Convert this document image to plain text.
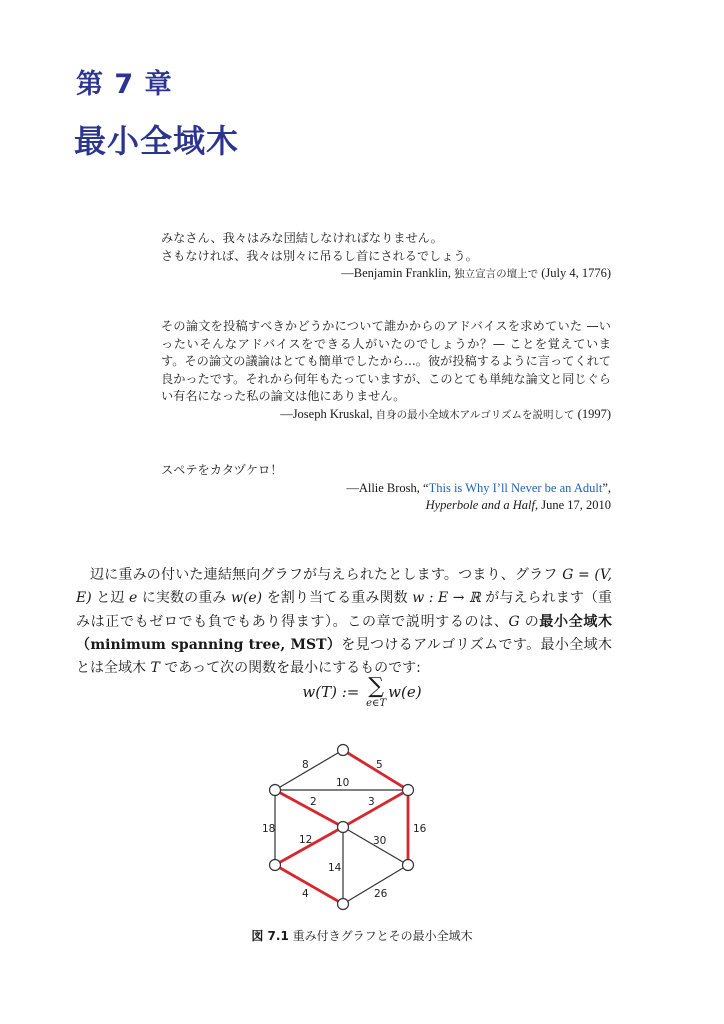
第 7 章
最小全域木

みなさん、我々はみな団結しなければなりません。

さもなければ、我々は別々に吊るし首にされるでしょう。

—Benjamin Franklin, 独立宣言の壇上で (July 4, 1776)

その論文を投稿すべきかどうかについて誰かからのアドバイスを求めていた —いったいそんなアドバイスをできる人がいたのでしょうか？— ことを覚えています。その論文の議論はとても簡単でしたから...。彼が投稿するように言ってくれて良かったです。それから何年もたっていますが、このとても単純な論文と同じぐらい有名になった私の論文は他にありません。

—Joseph Kruskal, 自身の最小全域木アルゴリズムを説明して (1997)

スペテをカタヅケロ！

—Allie Brosh, “This is Why I’ll Never be an Adult”,

Hyperbole and a Half, June 17, 2010

辺に重みの付いた連結無向グラフが与えられたとします。つまり、グラフ G = (V, E) と辺 e に実数の重み w(e) を割り当てる重み関数 w : E → ℝ が与えられます（重みは正でもゼロでも負でもあり得ます）。この章で説明するのは、G の最小全域木（minimum spanning tree, MST）を見つけるアルゴリズムです。最小全域木とは全域木 T であって次の関数を最小にするものです:

w(T) := ∑
e∈T
w(e)
8	5
10
2	3
18
12	30
16
14
4	26
図 7.1 重み付きグラフとその最小全域木
